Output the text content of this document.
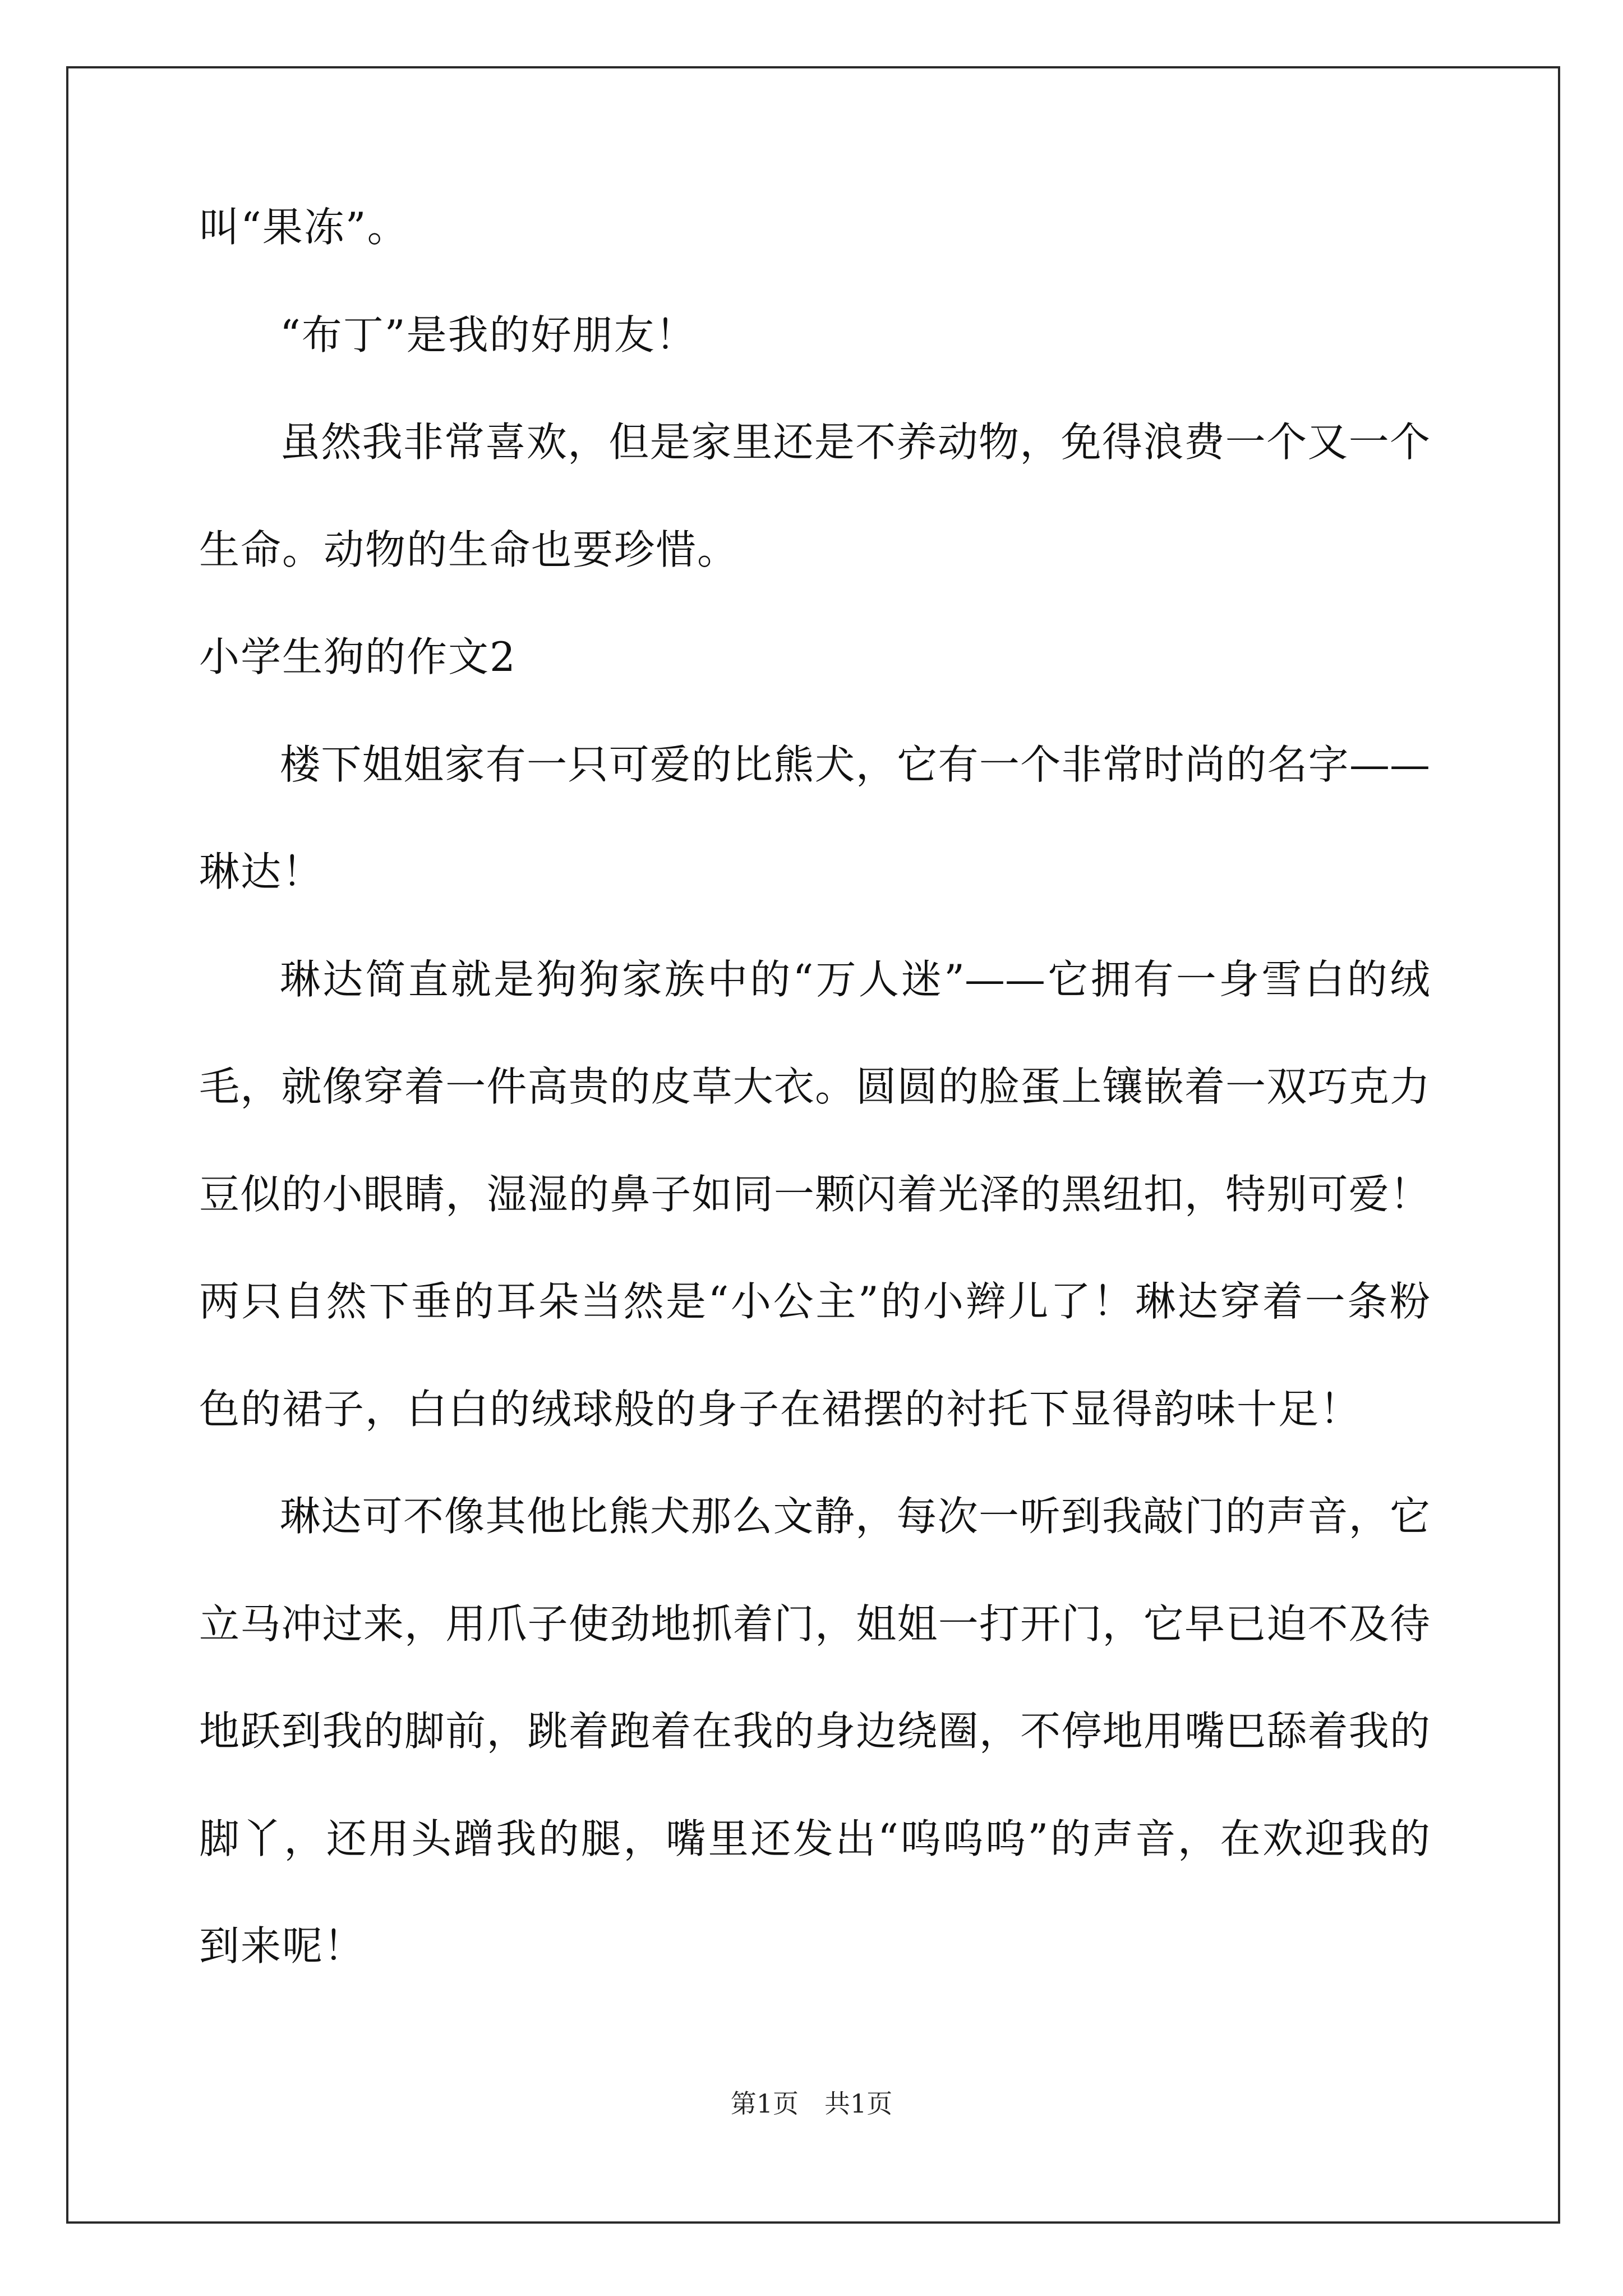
叫“果冻”。
“布丁”是我的好朋友！
虽然我非常喜欢，但是家里还是不养动物，免得浪费一个又一个
生命。动物的生命也要珍惜。
小学生狗的作文2
楼下姐姐家有一只可爱的比熊犬，它有一个非常时尚的名字——
琳达！
琳达简直就是狗狗家族中的“万人迷”——它拥有一身雪白的绒
毛，就像穿着一件高贵的皮草大衣。圆圆的脸蛋上镶嵌着一双巧克力
豆似的小眼睛，湿湿的鼻子如同一颗闪着光泽的黑纽扣，特别可爱！
两只自然下垂的耳朵当然是“小公主”的小辫儿了！琳达穿着一条粉
色的裙子，白白的绒球般的身子在裙摆的衬托下显得韵味十足！
琳达可不像其他比熊犬那么文静，每次一听到我敲门的声音，它
立马冲过来，用爪子使劲地抓着门，姐姐一打开门，它早已迫不及待
地跃到我的脚前，跳着跑着在我的身边绕圈，不停地用嘴巴舔着我的
脚丫，还用头蹭我的腿，嘴里还发出“呜呜呜”的声音，在欢迎我的
到来呢！
第1页　共1页
